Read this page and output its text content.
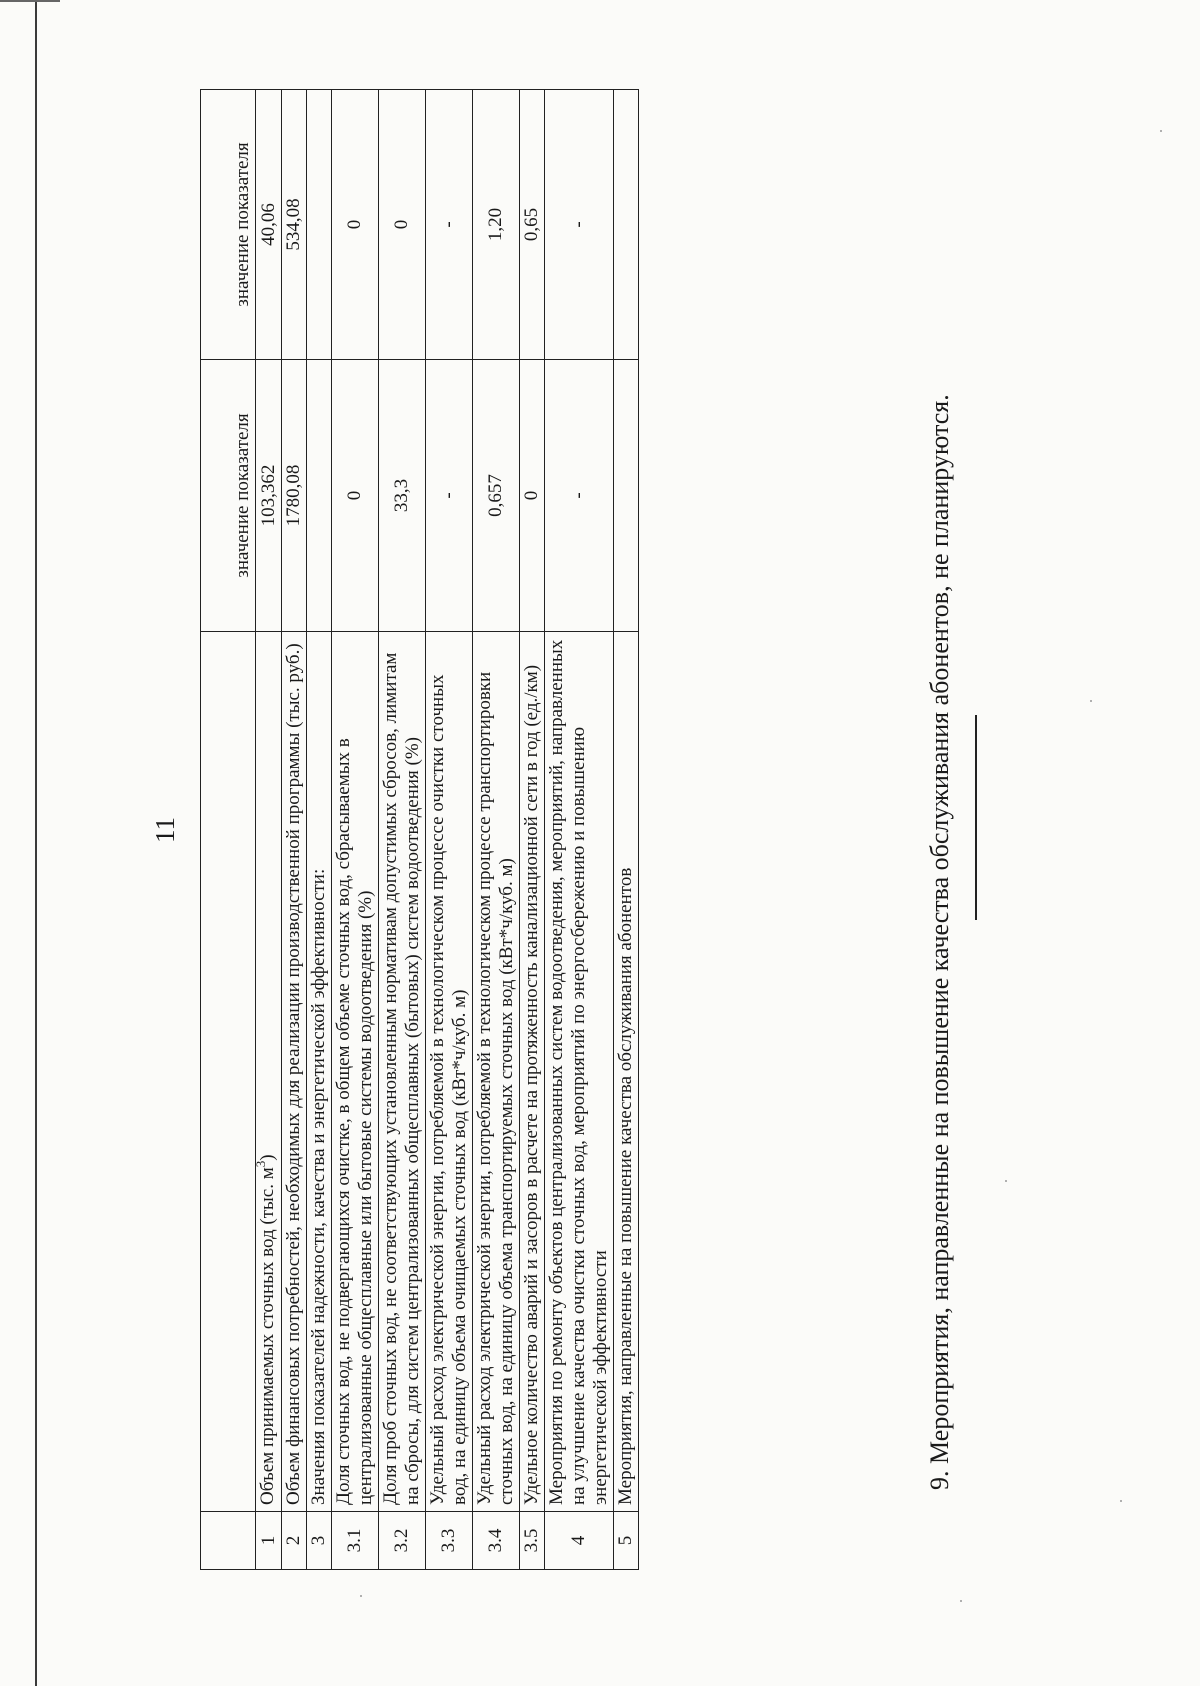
11
		значение показателя	значение показателя
1	Объем принимаемых сточных вод (тыс. $м^3$)	103,362	40,06
2	Объем финансовых потребностей, необходимых для реализации производственной программы (тыс. руб.)	1780,08	534,08
3	Значения показателей надежности, качества и энергетической эффективности:		
3.1	Доля сточных вод, не подвергающихся очистке, в общем объеме сточных вод, сбрасываемых в централизованные общесплавные или бытовые системы водоотведения (%)	0	0
3.2	Доля проб сточных вод, не соответствующих установленным нормативам допустимых сбросов, лимитам на сбросы, для систем централизованных общесплавных (бытовых) систем водоотведения (%)	33,3	0
3.3	Удельный расход электрической энергии, потребляемой в технологическом процессе очистки сточных вод, на единицу объема очищаемых сточных вод (кВт*ч/куб. м)	-	-
3.4	Удельный расход электрической энергии, потребляемой в технологическом процессе транспортировки сточных вод, на единицу объема транспортируемых сточных вод (кВт*ч/куб. м)	0,657	1,20
3.5	Удельное количество аварий и засоров в расчете на протяженность канализационной сети в год (ед./км)	0	0,65
4	Мероприятия по ремонту объектов централизованных систем водоотведения, мероприятий, направленных на улучшение качества очистки сточных вод, мероприятий по энергосбережению и повышению энергетической эффективности	-	-
5	Мероприятия, направленные на повышение качества обслуживания абонентов			9. Мероприятия, направленные на повышение качества обслуживания абонентов, не планируются.
